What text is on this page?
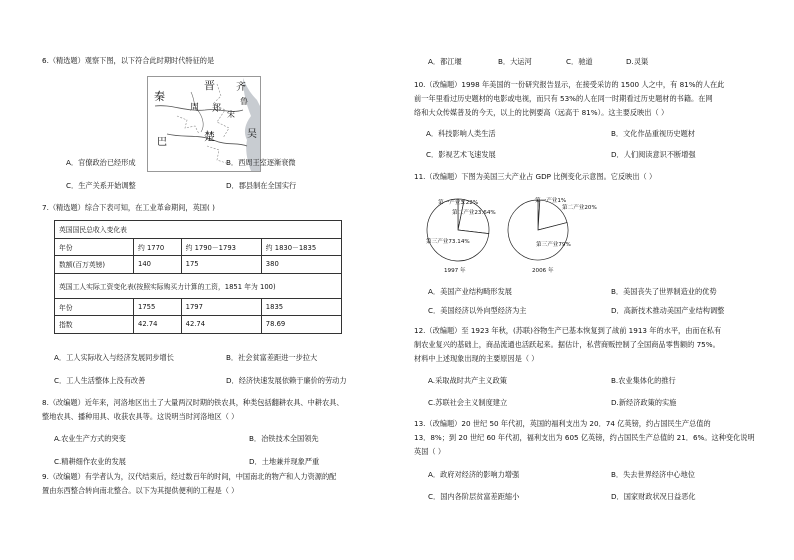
6.（精选题）观察下图，以下符合此时期时代特征的是
秦
晋 齐
鲁
周 郑
宋
巴	楚	吴
A．官僚政治已经形成	B．西周王室逐渐衰微
C．生产关系开始调整	D．郡县制在全国实行
7.（精选题）综合下表可知，在工业革命期间，英国( )
英国国民总收入变化表			
年份	约 1770	约 1790－1793	约 1830－1835
数额(百万英镑)	140	175	380
英国工人实际工资变化表(按照实际购买力计算的工资，1851 年为 100)			
年份	1755	1797	1835
指数	42.74	42.74	78.69
A．工人实际收入与经济发展同步增长	B．社会贫富差距进一步拉大
C．工人生活整体上没有改善	D．经济快速发展依赖于廉价的劳动力
8.（改编题）近年来，河洛地区出土了大量两汉时期的铁农具，种类包括翻耕农具、中耕农具、
整地农具、播种用具、收获农具等。这说明当时河洛地区（ ）
A.农业生产方式的突变	B．冶铁技术全国领先
C.精耕细作农业的发展	D．土地兼并现象严重
9.（改编题）有学者认为，汉代结束后，经过数百年的时间，中国南北的物产和人力资源的配
置由东西整合转向南北整合。以下为其提供便利的工程是（ ）
A．都江堰	B．大运河	C．驰道	D.灵渠
10.（改编题）1998 年美国的一份研究报告显示，在接受采访的 1500 人之中，有 81%的人在此
前一年里看过历史题材的电影或电视，而只有 53%的人在同一时期看过历史题材的书籍。在网
络和大众传媒普及的今天，以上的比例要高（远高于 81%）。这主要反映出（ ）
A．科技影响人类生活	B．文化作品重视历史题材
C．影视艺术飞速发展	D．人们阅读意识不断增强
11.（改编题）下图为美国三大产业占 GDP 比例变化示意图。它反映出（ ）
第一产业3.22%
第二产业23.64%
第三产业73.14%
1997 年
第一产业1%
第二产业20%
第三产业79%
2006 年
A．美国产业结构畸形发展	B．美国丧失了世界制造业的优势
C．美国经济以外向型经济为主	D．高新技术推动美国产业结构调整
12.（改编题）至 1923 年秋，(苏联)谷物生产已基本恢复到了战前 1913 年的水平，由而在私有
制农业复兴的基础上，商品流通也活跃起来。据估计，私营商贩控制了全国商品零售额的 75%。
材料中上述现象出现的主要原因是（ ）
A.采取战时共产主义政策	B.农业集体化的推行
C.苏联社会主义制度建立	D.新经济政策的实施
13.（改编题）20 世纪 50 年代初，英国的福利支出为 20．74 亿英镑，约占国民生产总值的
13．8%；到 20 世纪 60 年代初，福利支出为 605 亿英镑，约占国民生产总值的 21．6%。这种变化说明
英国（ ）
A．政府对经济的影响力增强	B．失去世界经济中心地位
C．国内各阶层贫富差距缩小	D．国家财政状况日益恶化
